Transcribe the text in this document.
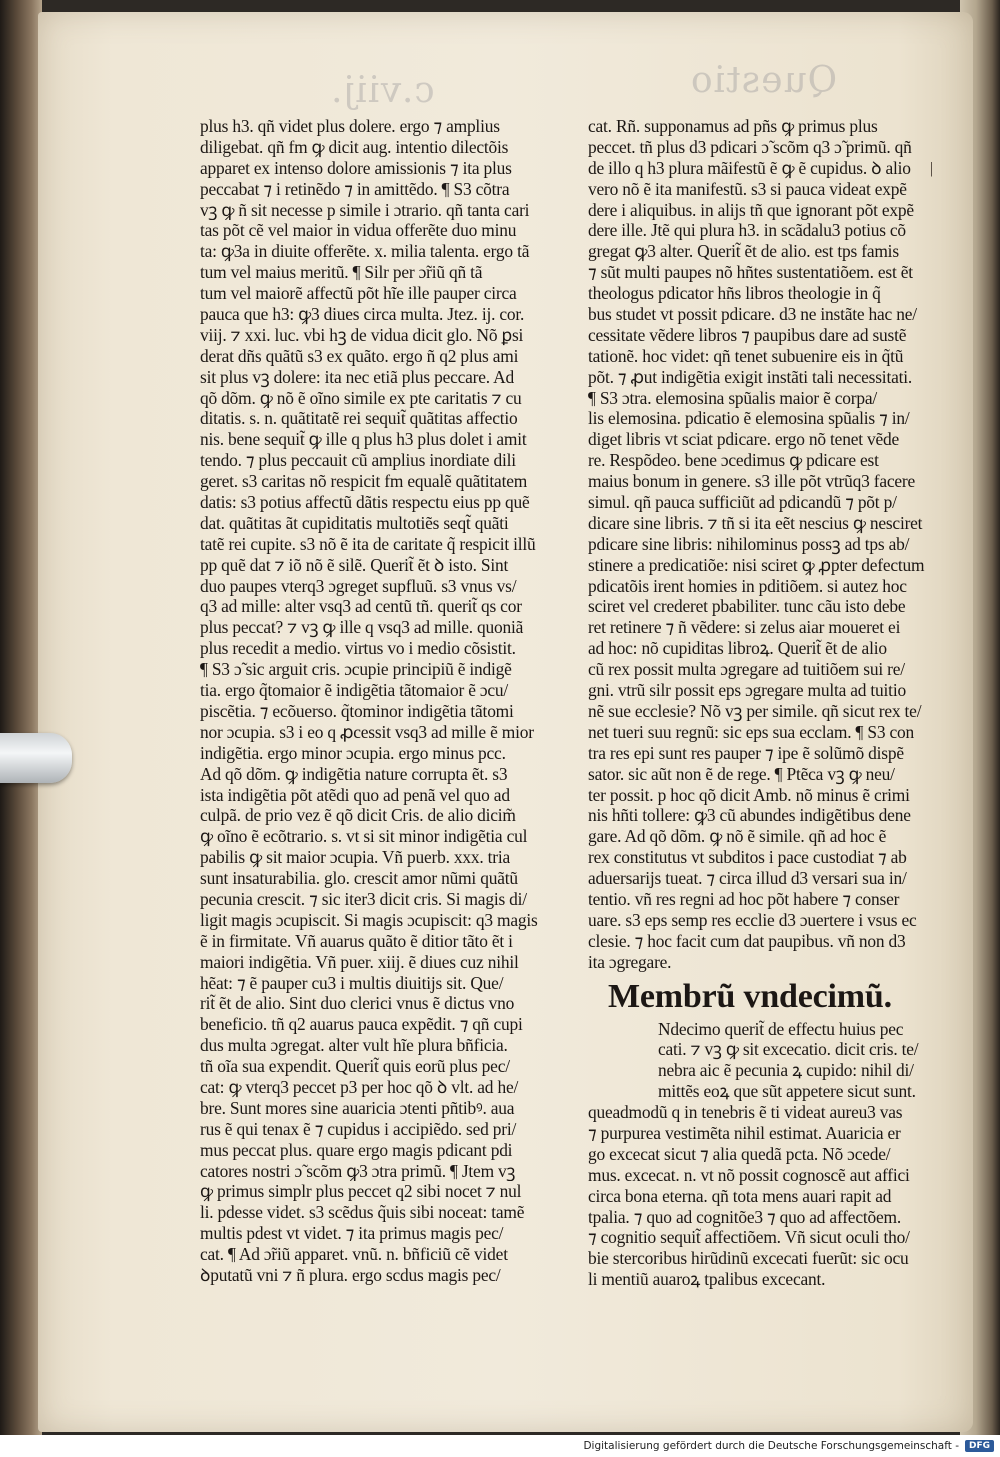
c.viij.	Questio
plus h3. qñ videt plus dolere. ergo ⁊ amplius
diligebat. qñ fm ꝙ dicit aug. intentio dilectõis
apparet ex intenso dolore amissionis ⁊ ita plus
peccabat ⁊ i retinẽdo ⁊ in amittẽdo. ¶ S3 cõtra
vꝫ ꝙ ñ sit necesse p simile i ɔtrario. qñ tanta cari
tas põt cẽ vel maior in vidua offerẽte duo minu
ta: ꝙ3a in diuite offerẽte. x. milia talenta. ergo tã
tum vel maius meritũ. ¶ Silr per ɔ̃riũ qñ tã
tum vel maiorẽ affectũ põt hĩe ille pauper circa
pauca que h3: ꝙ3 diues circa multa. Jtez. ij. cor.
viij. ⁊ xxi. luc. vbi hꝫ de vidua dicit glo. Nõ ꝑsi
derat dñs quãtũ s3 ex quãto. ergo ñ q2 plus ami
sit plus vꝫ dolere: ita nec etiã plus peccare. Ad
qõ dõm. ꝙ nõ ẽ oĩno simile ex pte caritatis ⁊ cu
ditatis. s. n. quãtitatẽ rei sequit̃ quãtitas affectio
nis. bene sequit̃ ꝙ ille q plus h3 plus dolet i amit
tendo. ⁊ plus peccauit cũ amplius inordiate dili
geret. s3 caritas nõ respicit fm equalẽ quãtitatem
datis: s3 potius affectũ dãtis respectu eius pp quẽ
dat. quãtitas ãt cupiditatis multotiẽs seqt̃ quãti
tatẽ rei cupite. s3 nõ ẽ ita de caritate q̃ respicit illũ
pp quẽ dat ⁊ iõ nõ ẽ silẽ. Querit̃ ẽt ꝺ isto. Sint
duo paupes vterq3 ɔgreget supfluũ. s3 vnus vs/
q3 ad mille: alter vsq3 ad centũ tñ. querit̃ qs cor
plus peccat? ⁊ vꝫ ꝙ ille q vsq3 ad mille. quoniã
plus recedit a medio. virtus vo i medio cõsistit.
¶ S3 ɔ̃ sic arguit cris. ɔcupie principiũ ẽ indigẽ
tia. ergo q̃tomaior ẽ indigẽtia tãtomaior ẽ ɔcu/
piscẽtia. ⁊ ecõuerso. q̃tominor indigẽtia tãtomi
nor ɔcupia. s3 i eo q ꝓcessit vsq3 ad mille ẽ mior
indigẽtia. ergo minor ɔcupia. ergo minus pcc.
Ad qõ dõm. ꝙ indigẽtia nature corrupta ẽt. s3
ista indigẽtia põt atẽdi quo ad penã vel quo ad
culpã. de prio vez ẽ qõ dicit Cris. de alio dicim̃
ꝙ oĩno ẽ ecõtrario. s. vt si sit minor indigẽtia cul
pabilis ꝙ sit maior ɔcupia. Vñ puerb. xxx. tria
sunt insaturabilia. glo. crescit amor nũmi quãtũ
pecunia crescit. ⁊ sic iter3 dicit cris. Si magis di/
ligit magis ɔcupiscit. Si magis ɔcupiscit: q3 magis
ẽ in firmitate. Vñ auarus quãto ẽ ditior tãto ẽt i
maiori indigẽtia. Vñ puer. xiij. ẽ diues cuz nihil
hẽat: ⁊ ẽ pauper cu3 i multis diuitijs sit. Que/
rit̃ ẽt de alio. Sint duo clerici vnus ẽ dictus vno
beneficio. tñ q2 auarus pauca expẽdit. ⁊ qñ cupi
dus multa ɔgregat. alter vult hĩe plura bñficia.
tñ oĩa sua expendit. Querit̃ quis eorũ plus pec/
cat: ꝙ vterq3 peccet p3 per hoc qõ ꝺ vlt. ad he/
bre. Sunt mores sine auaricia ɔtenti pñtibꝰ. aua
rus ẽ qui tenax ẽ ⁊ cupidus i accipiẽdo. sed pri/
mus peccat plus. quare ergo magis pdicant pdi
catores nostri ɔ̃ scõm ꝙ3 ɔtra primũ. ¶ Jtem vꝫ
ꝙ primus simplr plus peccet q2 sibi nocet ⁊ nul
li. pdesse videt. s3 scẽdus q̃uis sibi noceat: tamẽ
multis pdest vt videt. ⁊ ita primus magis pec/
cat. ¶ Ad ɔ̃riũ apparet. vnũ. n. bñficiũ cẽ videt
ꝺputatũ vni ⁊ ñ plura. ergo scdus magis pec/
cat. Rñ. supponamus ad pñs ꝙ primus plus
peccet. tñ plus d3 pdicari ɔ̃ scõm q3 ɔ̃ primũ. qñ
de illo q h3 plura mãifestũ ẽ ꝙ ẽ cupidus. ꝺ alio
vero nõ ẽ ita manifestũ. s3 si pauca videat expẽ
dere i aliquibus. in alijs tñ que ignorant põt expẽ
dere ille. Jtẽ qui plura h3. in scãdalu3 potius cõ
gregat ꝙ3 alter. Querit̃ ẽt de alio. est tps famis
⁊ sũt multi paupes nõ hñtes sustentatiõem. est ẽt
theologus pdicator hñs libros theologie in q̃
bus studet vt possit pdicare. d3 ne instãte hac ne/
cessitate vẽdere libros ⁊ paupibus dare ad sustẽ
tationẽ. hoc videt: qñ tenet subuenire eis in q̃tũ
põt. ⁊ ꝓut indigẽtia exigit instãti tali necessitati.
¶ S3 ɔtra. elemosina spũalis maior ẽ corpa/
lis elemosina. pdicatio ẽ elemosina spũalis ⁊ in/
diget libris vt sciat pdicare. ergo nõ tenet vẽde
re. Respõdeo. bene ɔcedimus ꝙ pdicare est
maius bonum in genere. s3 ille põt vtrũq3 facere
simul. qñ pauca sufficiũt ad pdicandũ ⁊ põt p/
dicare sine libris. ⁊ tñ si ita eẽt nescius ꝙ nesciret
pdicare sine libris: nihilominus possꝫ ad tps ab/
stinere a predicatiõe: nisi sciret ꝙ ꝓpter defectum
pdicatõis irent homies in pditiõem. si autez hoc
sciret vel crederet pbabiliter. tunc cãu isto debe
ret retinere ⁊ ñ vẽdere: si zelus aiar moueret ei
ad hoc: nõ cupiditas libroꝝ. Querit̃ ẽt de alio
cũ rex possit multa ɔgregare ad tuitiõem sui re/
gni. vtrũ silr possit eps ɔgregare multa ad tuitio
nẽ sue ecclesie? Nõ vꝫ per simile. qñ sicut rex te/
net tueri suu regnũ: sic eps sua ecclam. ¶ S3 con
tra res epi sunt res pauper ⁊ ipe ẽ solũmõ dispẽ
sator. sic aũt non ẽ de rege. ¶ Ptẽca vꝫ ꝙ neu/
ter possit. p hoc qõ dicit Amb. nõ minus ẽ crimi
nis hñti tollere: ꝙ3 cũ abundes indigẽtibus dene
gare. Ad qõ dõm. ꝙ nõ ẽ simile. qñ ad hoc ẽ
rex constitutus vt subditos i pace custodiat ⁊ ab
aduersarijs tueat. ⁊ circa illud d3 versari sua in/
tentio. vñ res regni ad hoc põt habere ⁊ conser
uare. s3 eps semp res ecclie d3 ɔuertere i vsus ec
clesie. ⁊ hoc facit cum dat paupibus. vñ non d3
ita ɔgregare.
Membrũ vndecimũ.
Ndecimo querit̃ de effectu huius pec
cati. ⁊ vꝫ ꝙ sit excecatio. dicit cris. te/
nebra aic ẽ pecunia ꝝ cupido: nihil di/
mittẽs eoꝝ que sũt appetere sicut sunt.
queadmodũ q in tenebris ẽ ti videat aureu3 vas
⁊ purpurea vestimẽta nihil estimat. Auaricia er
go excecat sicut ⁊ alia quedã pcta. Nõ ɔcede/
mus. excecat. n. vt nõ possit cognoscẽ aut affici
circa bona eterna. qñ tota mens auari rapit ad
tpalia. ⁊ quo ad cognitõe3 ⁊ quo ad affectõem.
⁊ cognitio sequit̃ affectiõem. Vñ sicut oculi tho/
bie stercoribus hirũdinũ excecati fuerũt: sic ocu
li mentiũ auaroꝝ tpalibus excecant.
|
Digitalisierung gefördert durch die Deutsche Forschungsgemeinschaft -	DFG
